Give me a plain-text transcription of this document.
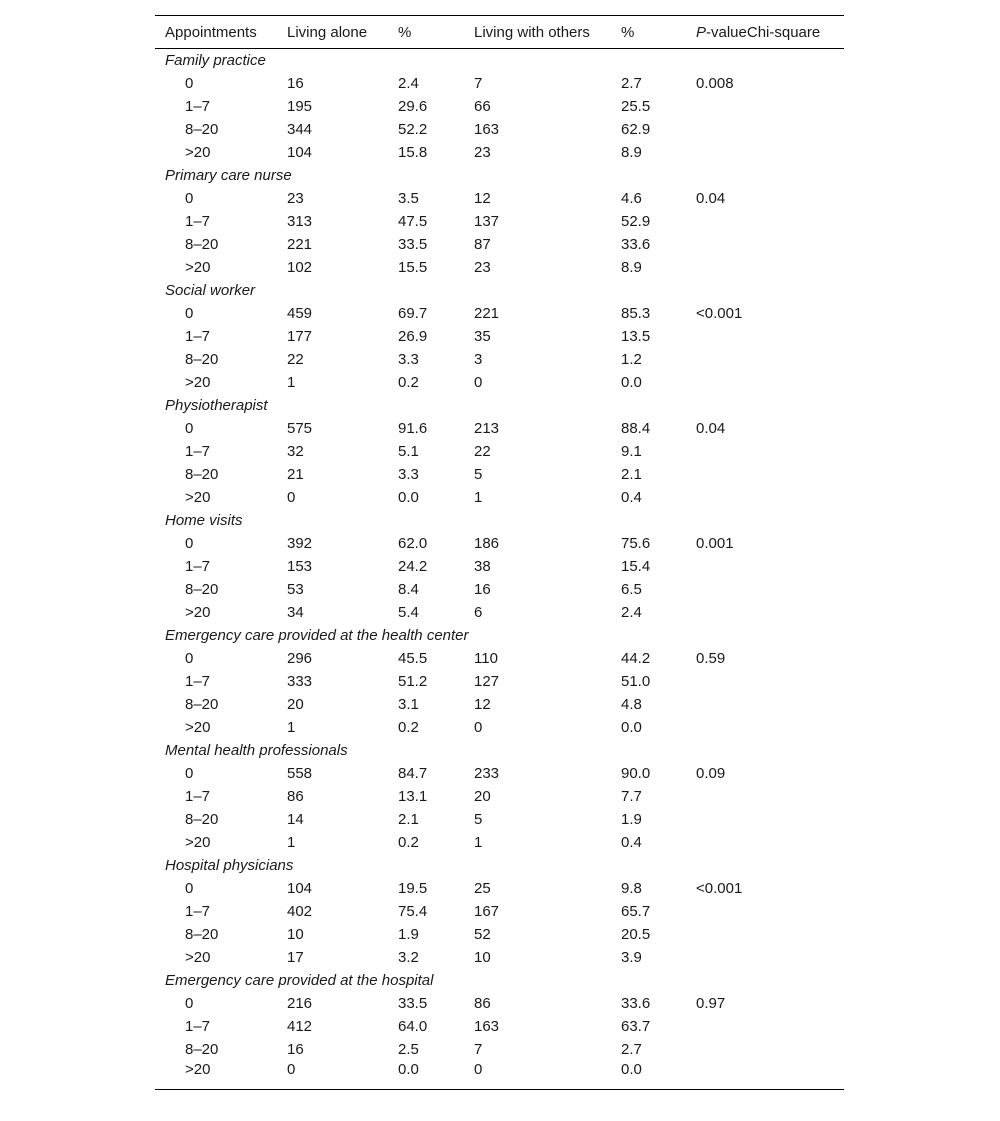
Appointments	Living alone	%	Living with others	%	P-valueChi-square
Family practice					
0	16	2.4	7	2.7	0.008
1–7	195	29.6	66	25.5	
8–20	344	52.2	163	62.9	
>20	104	15.8	23	8.9	
Primary care nurse					
0	23	3.5	12	4.6	0.04
1–7	313	47.5	137	52.9	
8–20	221	33.5	87	33.6	
>20	102	15.5	23	8.9	
Social worker					
0	459	69.7	221	85.3	<0.001
1–7	177	26.9	35	13.5	
8–20	22	3.3	3	1.2	
>20	1	0.2	0	0.0	
Physiotherapist					
0	575	91.6	213	88.4	0.04
1–7	32	5.1	22	9.1	
8–20	21	3.3	5	2.1	
>20	0	0.0	1	0.4	
Home visits					
0	392	62.0	186	75.6	0.001
1–7	153	24.2	38	15.4	
8–20	53	8.4	16	6.5	
>20	34	5.4	6	2.4	
Emergency care provided at the health center					
0	296	45.5	110	44.2	0.59
1–7	333	51.2	127	51.0	
8–20	20	3.1	12	4.8	
>20	1	0.2	0	0.0	
Mental health professionals					
0	558	84.7	233	90.0	0.09
1–7	86	13.1	20	7.7	
8–20	14	2.1	5	1.9	
>20	1	0.2	1	0.4	
Hospital physicians					
0	104	19.5	25	9.8	<0.001
1–7	402	75.4	167	65.7	
8–20	10	1.9	52	20.5	
>20	17	3.2	10	3.9	
Emergency care provided at the hospital					
0	216	33.5	86	33.6	0.97
1–7	412	64.0	163	63.7	
8–20	16	2.5	7	2.7	
>20	0	0.0	0	0.0	
